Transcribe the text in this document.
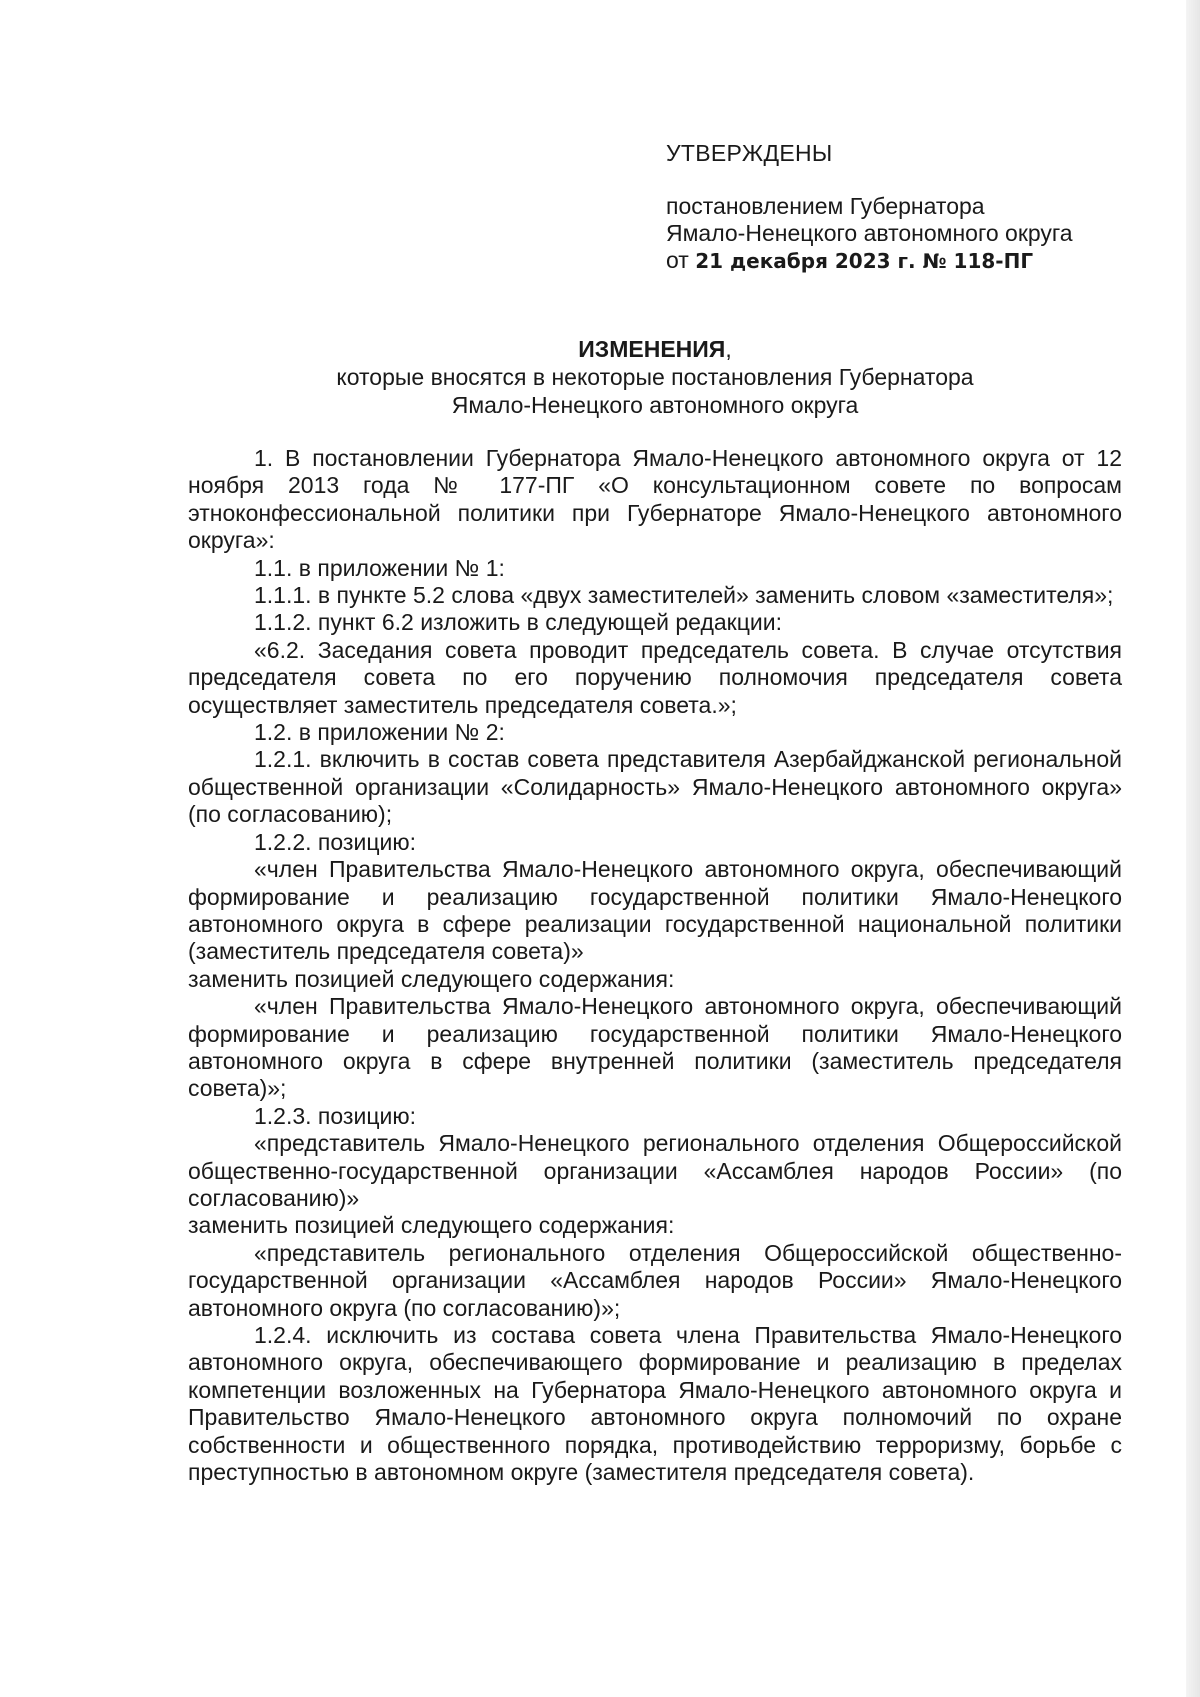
УТВЕРЖДЕНЫ
постановлением Губернатора
Ямало-Ненецкого автономного округа
от 21 декабря 2023 г. № 118-ПГ
ИЗМЕНЕНИЯ,
которые вносятся в некоторые постановления Губернатора
Ямало-Ненецкого автономного округа

1. В постановлении Губернатора Ямало-Ненецкого автономного округа от 12 ноября 2013 года № 177-ПГ «О консультационном совете по вопросам этноконфессиональной политики при Губернаторе Ямало-Ненецкого автономного округа»:

1.1. в приложении № 1:

1.1.1. в пункте 5.2 слова «двух заместителей» заменить словом «заместителя»;

1.1.2. пункт 6.2 изложить в следующей редакции:

«6.2. Заседания совета проводит председатель совета. В случае отсутствия председателя совета по его поручению полномочия председателя совета осуществляет заместитель председателя совета.»;

1.2. в приложении № 2:

1.2.1. включить в состав совета представителя Азербайджанской региональной общественной организации «Солидарность» Ямало-Ненецкого автономного округа» (по согласованию);

1.2.2. позицию:

«член Правительства Ямало-Ненецкого автономного округа, обеспечивающий формирование и реализацию государственной политики Ямало-Ненецкого автономного округа в сфере реализации государственной национальной политики (заместитель председателя совета)»

заменить позицией следующего содержания:

«член Правительства Ямало-Ненецкого автономного округа, обеспечивающий формирование и реализацию государственной политики Ямало-Ненецкого автономного округа в сфере внутренней политики (заместитель председателя совета)»;

1.2.3. позицию:

«представитель Ямало-Ненецкого регионального отделения Общероссийской общественно-государственной организации «Ассамблея народов России» (по согласованию)»

заменить позицией следующего содержания:

«представитель регионального отделения Общероссийской общественно-государственной организации «Ассамблея народов России» Ямало-Ненецкого автономного округа (по согласованию)»;

1.2.4. исключить из состава совета члена Правительства Ямало-Ненецкого автономного округа, обеспечивающего формирование и реализацию в пределах компетенции возложенных на Губернатора Ямало-Ненецкого автономного округа и Правительство Ямало-Ненецкого автономного округа полномочий по охране собственности и общественного порядка, противодействию терроризму, борьбе с преступностью в автономном округе (заместителя председателя совета).
